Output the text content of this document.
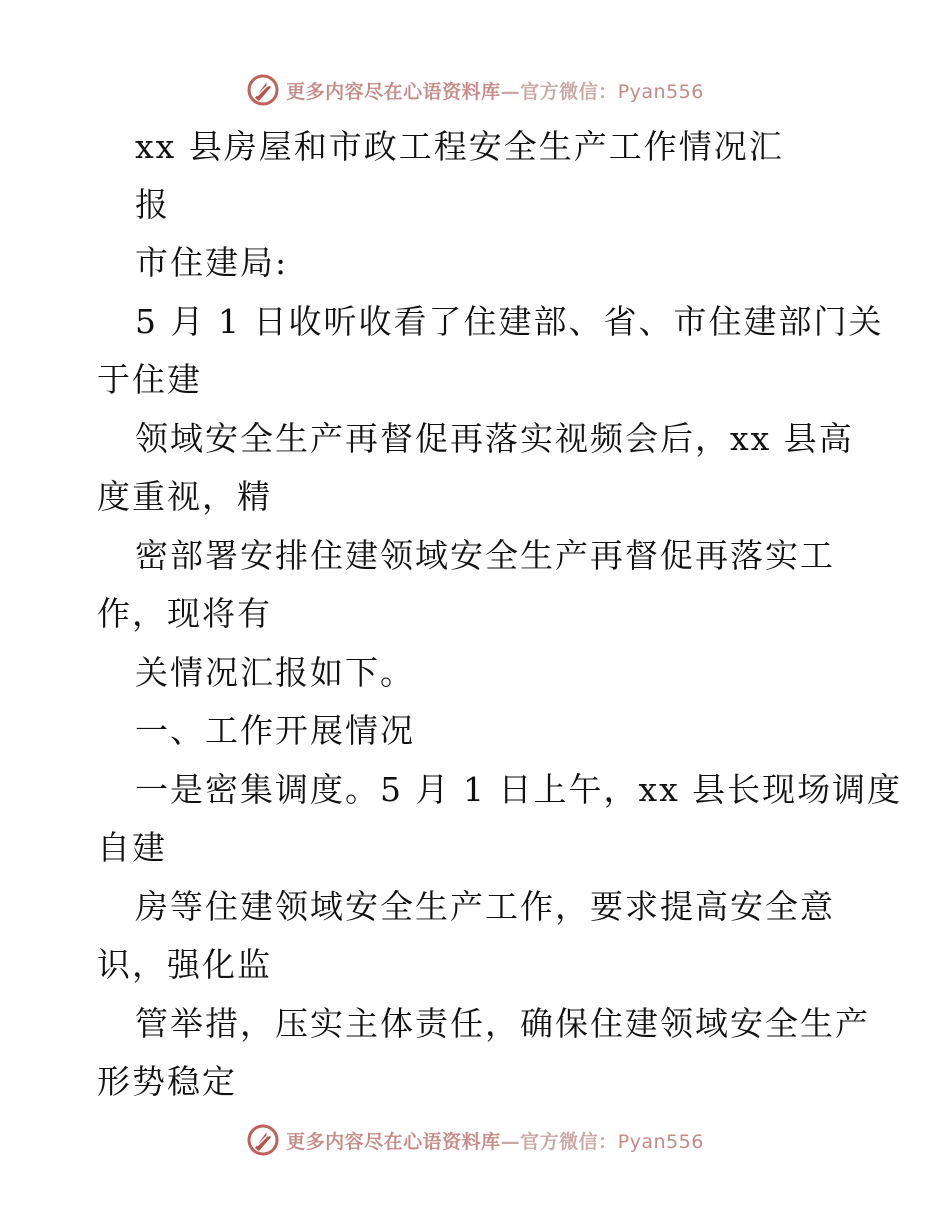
更多内容尽在心语资料库—官方微信：Pyan556
xx 县房屋和市政工程安全生产工作情况汇
报
市住建局:
5 月 1 日收听收看了住建部、省、市住建部门关
于住建
领域安全生产再督促再落实视频会后，xx 县高
度重视，精
密部署安排住建领域安全生产再督促再落实工
作，现将有
关情况汇报如下。
一、工作开展情况
一是密集调度。5 月 1 日上午，xx 县长现场调度
自建
房等住建领域安全生产工作，要求提高安全意
识，强化监
管举措，压实主体责任，确保住建领域安全生产
形势稳定
更多内容尽在心语资料库—官方微信：Pyan556
